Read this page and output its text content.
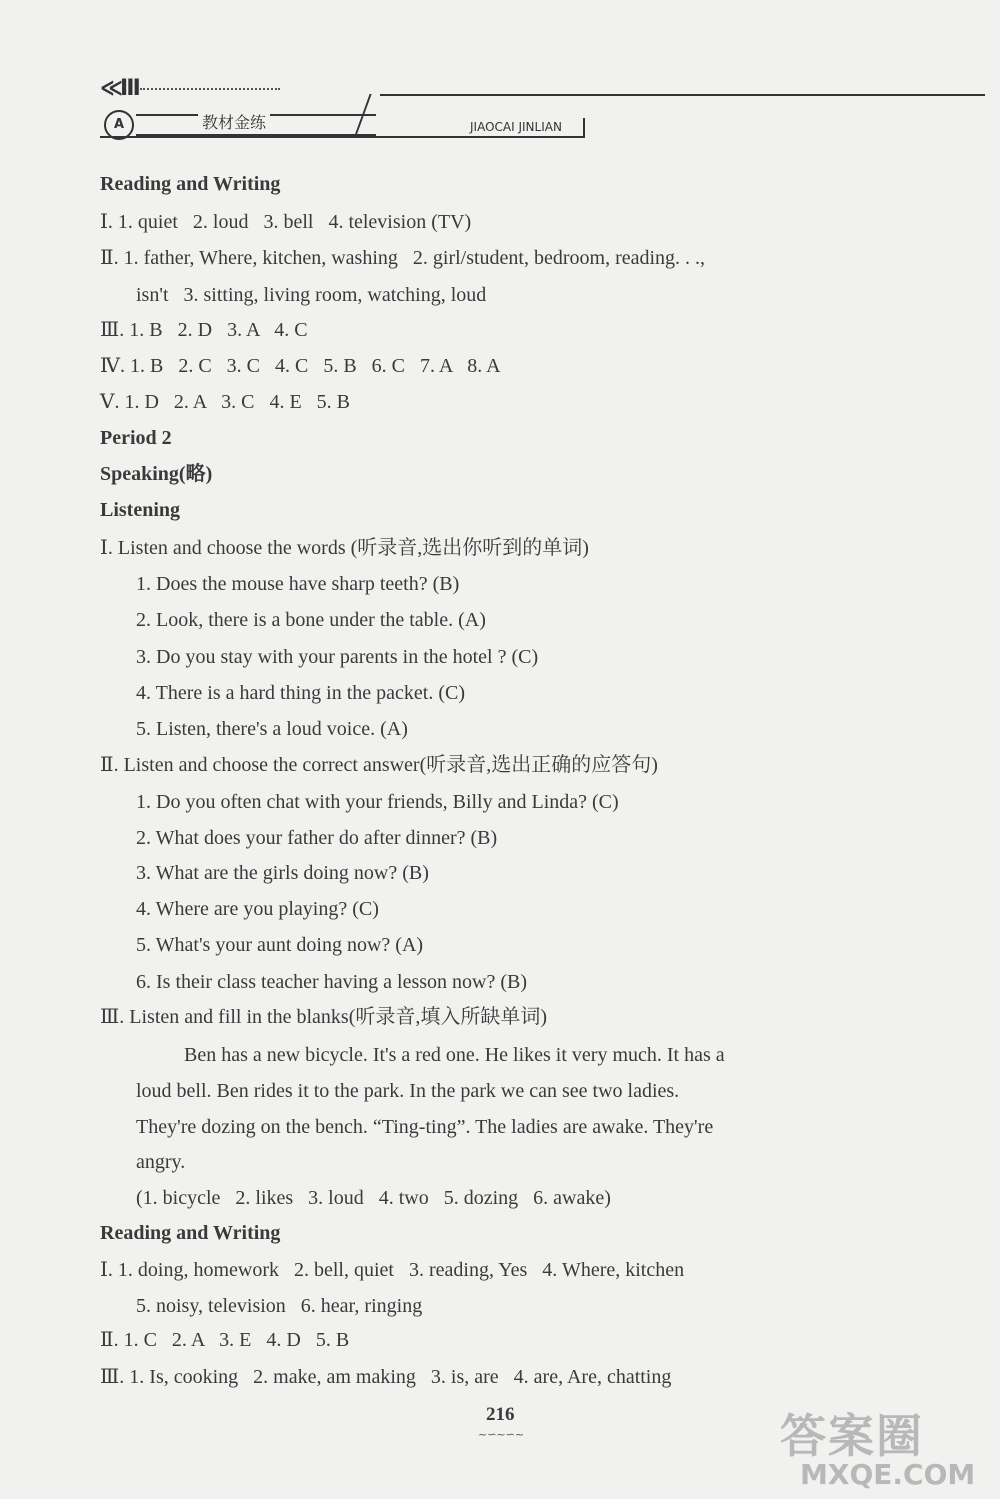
≪Ⅲ
A	教材金练	JIAOCAI JINLIAN
Reading and Writing
Ⅰ. 1. quiet   2. loud   3. bell   4. television (TV)
Ⅱ. 1. father, Where, kitchen, washing   2. girl/student, bedroom, reading. . .,
isn't   3. sitting, living room, watching, loud
Ⅲ. 1. B   2. D   3. A   4. C
Ⅳ. 1. B   2. C   3. C   4. C   5. B   6. C   7. A   8. A
Ⅴ. 1. D   2. A   3. C   4. E   5. B
Period 2
Speaking(略)
Listening
Ⅰ. Listen and choose the words (听录音,选出你听到的单词)
1. Does the mouse have sharp teeth? (B)
2. Look, there is a bone under the table. (A)
3. Do you stay with your parents in the hotel ? (C)
4. There is a hard thing in the packet. (C)
5. Listen, there's a loud voice. (A)
Ⅱ. Listen and choose the correct answer(听录音,选出正确的应答句)
1. Do you often chat with your friends, Billy and Linda? (C)
2. What does your father do after dinner? (B)
3. What are the girls doing now? (B)
4. Where are you playing? (C)
5. What's your aunt doing now? (A)
6. Is their class teacher having a lesson now? (B)
Ⅲ. Listen and fill in the blanks(听录音,填入所缺单词)
Ben has a new bicycle. It's a red one. He likes it very much. It has a
loud bell. Ben rides it to the park. In the park we can see two ladies.
They're dozing on the bench. “Ting-ting”. The ladies are awake. They're
angry.
(1. bicycle   2. likes   3. loud   4. two   5. dozing   6. awake)
Reading and Writing
Ⅰ. 1. doing, homework   2. bell, quiet   3. reading, Yes   4. Where, kitchen
5. noisy, television   6. hear, ringing
Ⅱ. 1. C   2. A   3. E   4. D   5. B
Ⅲ. 1. Is, cooking   2. make, am making   3. is, are   4. are, Are, chatting
216
~∽~∽~	答案圈
MXQE.COM
